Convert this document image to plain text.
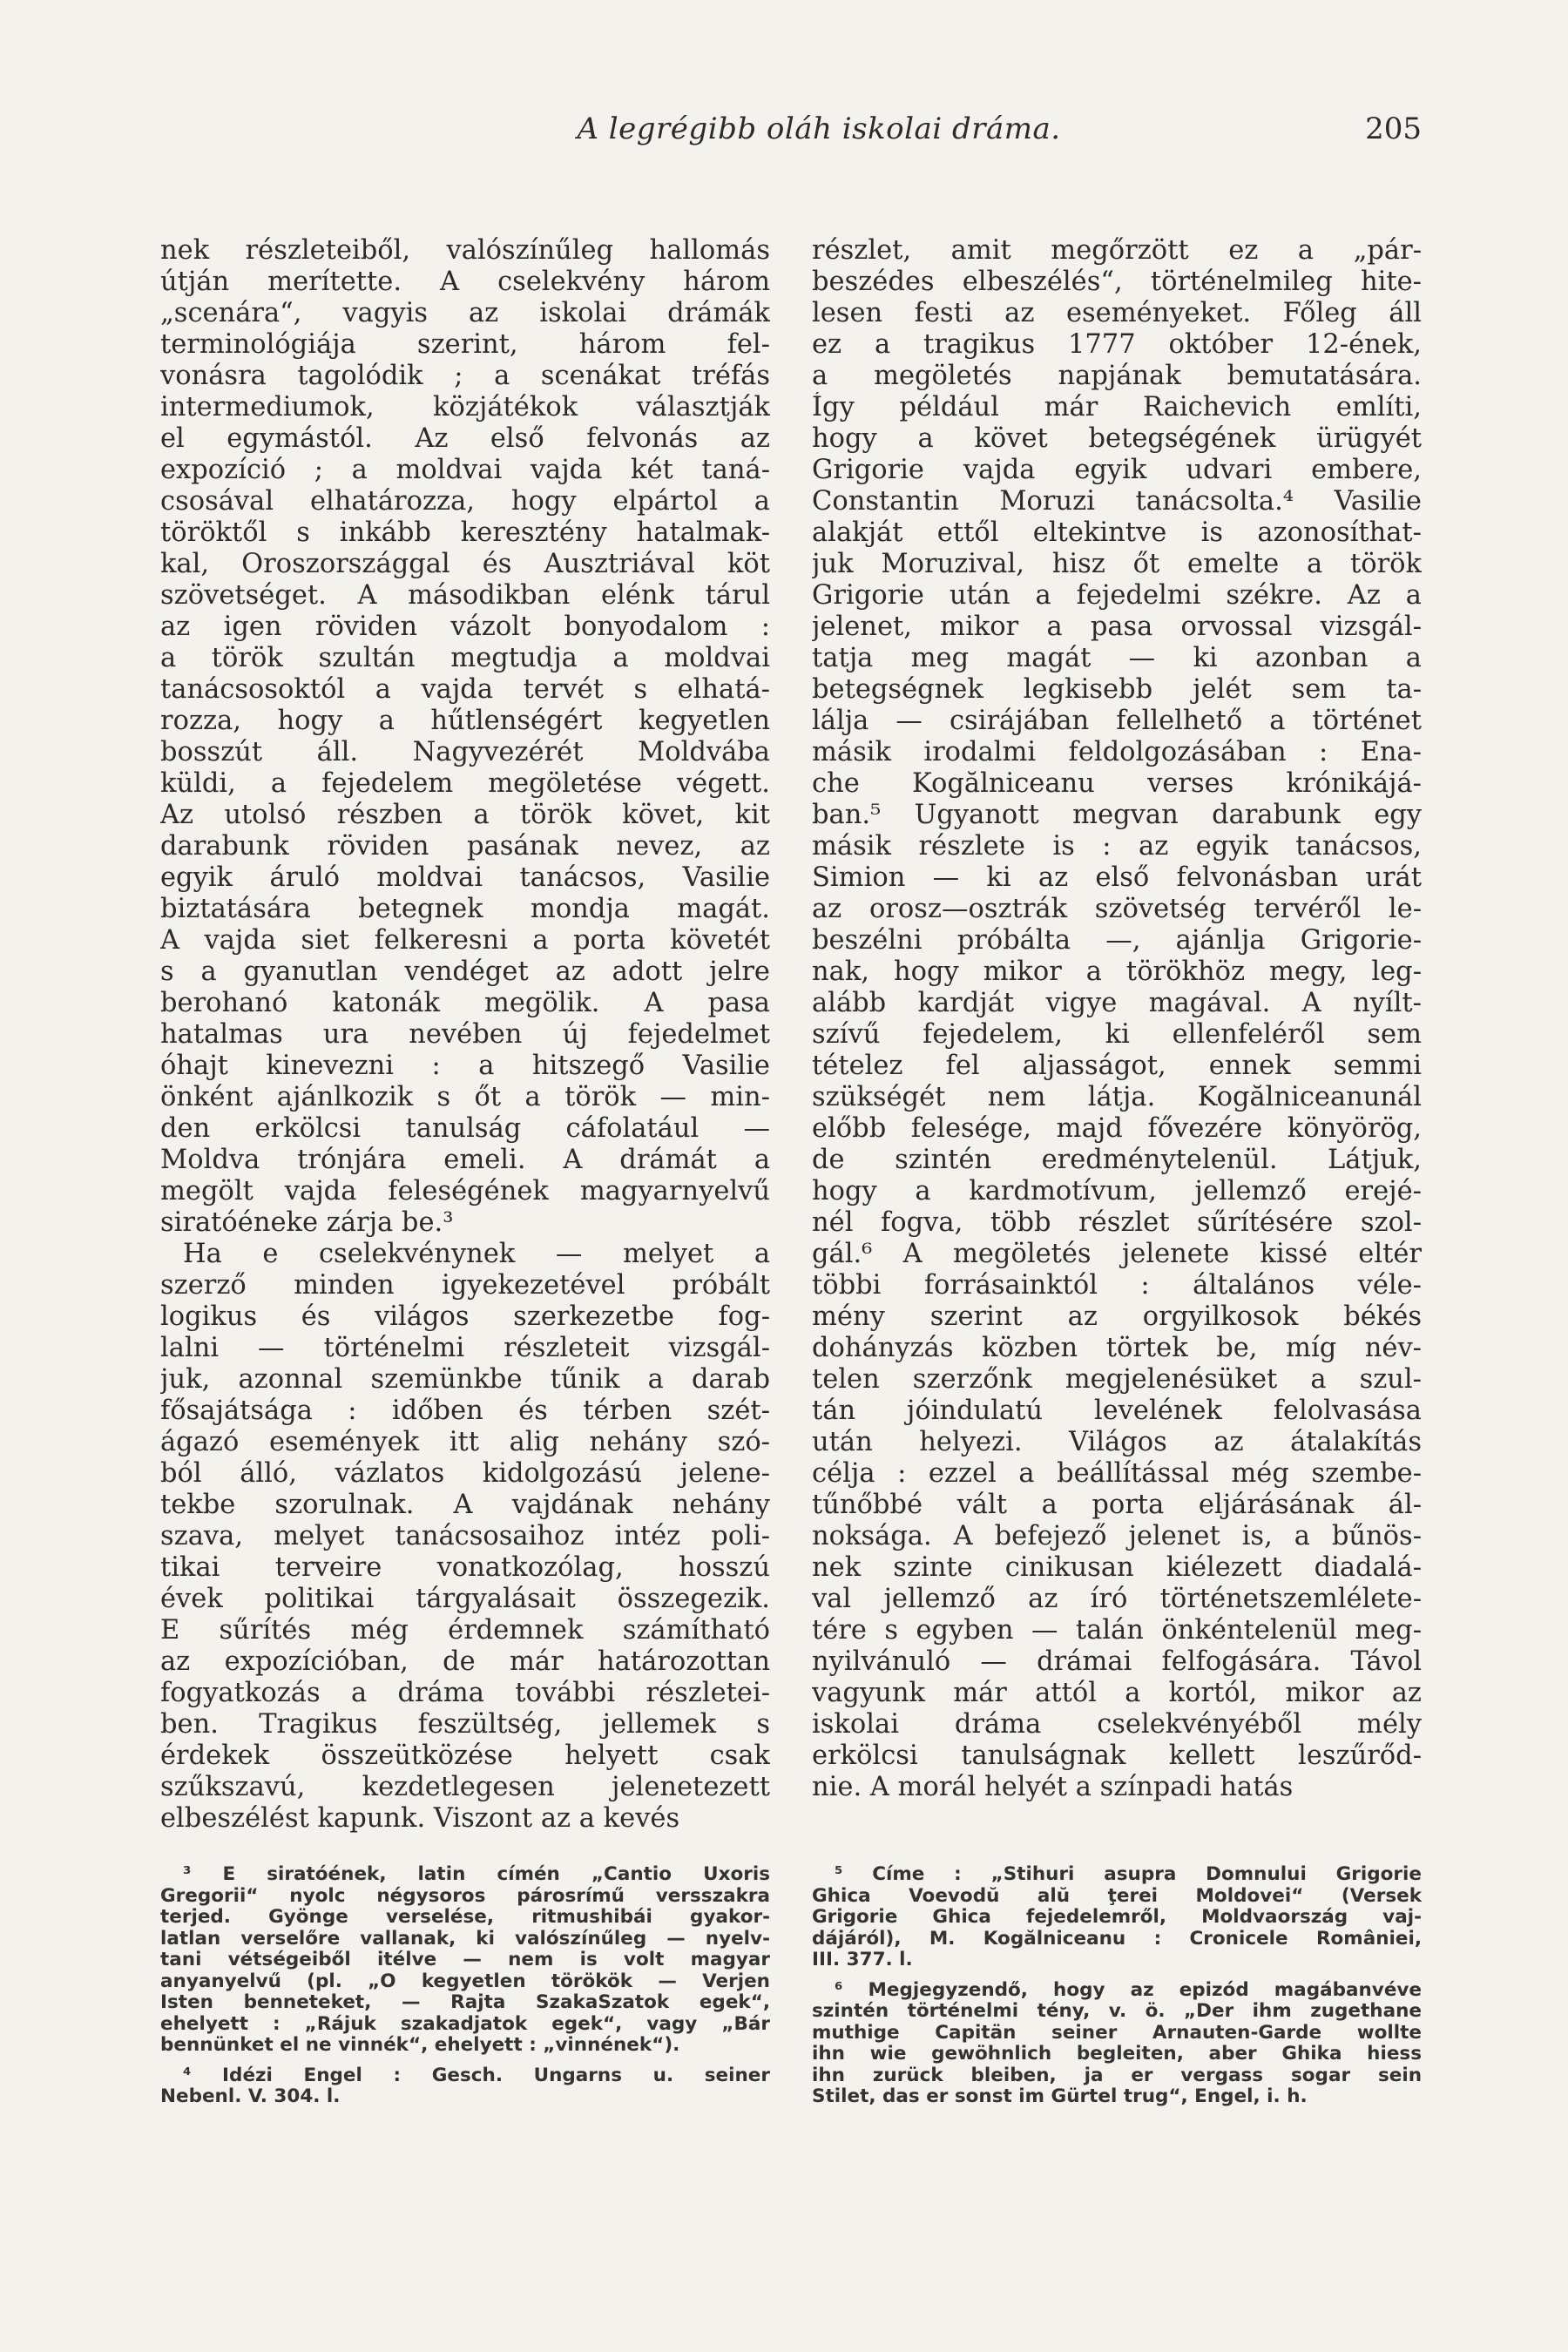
A legrégibb oláh iskolai dráma.	205
nek részleteiből, valószínűleg hallomás
útján merítette. A cselekvény három
„scenára“, vagyis az iskolai drámák
terminológiája szerint, három fel-
vonásra tagolódik ; a scenákat tréfás
intermediumok, közjátékok választják
el egymástól. Az első felvonás az
expozíció ; a moldvai vajda két taná-
csosával elhatározza, hogy elpártol a
töröktől s inkább keresztény hatalmak-
kal, Oroszországgal és Ausztriával köt
szövetséget. A másodikban elénk tárul
az igen röviden vázolt bonyodalom :
a török szultán megtudja a moldvai
tanácsosoktól a vajda tervét s elhatá-
rozza, hogy a hűtlenségért kegyetlen
bosszút áll. Nagyvezérét Moldvába
küldi, a fejedelem megöletése végett.
Az utolsó részben a török követ, kit
darabunk röviden pasának nevez, az
egyik áruló moldvai tanácsos, Vasilie
biztatására betegnek mondja magát.
A vajda siet felkeresni a porta követét
s a gyanutlan vendéget az adott jelre
berohanó katonák megölik. A pasa
hatalmas ura nevében új fejedelmet
óhajt kinevezni : a hitszegő Vasilie
önként ajánlkozik s őt a török — min-
den erkölcsi tanulság cáfolatául —
Moldva trónjára emeli. A drámát a
megölt vajda feleségének magyarnyelvű
siratóéneke zárja be.³
Ha e cselekvénynek — melyet a
szerző minden igyekezetével próbált
logikus és világos szerkezetbe fog-
lalni — történelmi részleteit vizsgál-
juk, azonnal szemünkbe tűnik a darab
fősajátsága : időben és térben szét-
ágazó események itt alig nehány szó-
ból álló, vázlatos kidolgozású jelene-
tekbe szorulnak. A vajdának nehány
szava, melyet tanácsosaihoz intéz poli-
tikai terveire vonatkozólag, hosszú
évek politikai tárgyalásait összegezik.
E sűrítés még érdemnek számítható
az expozícióban, de már határozottan
fogyatkozás a dráma további részletei-
ben. Tragikus feszültség, jellemek s
érdekek összeütközése helyett csak
szűkszavú, kezdetlegesen jelenetezett
elbeszélést kapunk. Viszont az a kevés
részlet, amit megőrzött ez a „pár-
beszédes elbeszélés“, történelmileg hite-
lesen festi az eseményeket. Főleg áll
ez a tragikus 1777 október 12-ének,
a megöletés napjának bemutatására.
Így például már Raichevich említi,
hogy a követ betegségének ürügyét
Grigorie vajda egyik udvari embere,
Constantin Moruzi tanácsolta.⁴ Vasilie
alakját ettől eltekintve is azonosíthat-
juk Moruzival, hisz őt emelte a török
Grigorie után a fejedelmi székre. Az a
jelenet, mikor a pasa orvossal vizsgál-
tatja meg magát — ki azonban a
betegségnek legkisebb jelét sem ta-
lálja — csirájában fellelhető a történet
másik irodalmi feldolgozásában : Ena-
che Kogălniceanu verses krónikájá-
ban.⁵ Ugyanott megvan darabunk egy
másik részlete is : az egyik tanácsos,
Simion — ki az első felvonásban urát
az orosz—osztrák szövetség tervéről le-
beszélni próbálta —, ajánlja Grigorie-
nak, hogy mikor a törökhöz megy, leg-
alább kardját vigye magával. A nyílt-
szívű fejedelem, ki ellenfeléről sem
tételez fel aljasságot, ennek semmi
szükségét nem látja. Kogălniceanunál
előbb felesége, majd fővezére könyörög,
de szintén eredménytelenül. Látjuk,
hogy a kardmotívum, jellemző erejé-
nél fogva, több részlet sűrítésére szol-
gál.⁶ A megöletés jelenete kissé eltér
többi forrásainktól : általános véle-
mény szerint az orgyilkosok békés
dohányzás közben törtek be, míg név-
telen szerzőnk megjelenésüket a szul-
tán jóindulatú levelének felolvasása
után helyezi. Világos az átalakítás
célja : ezzel a beállítással még szembe-
tűnőbbé vált a porta eljárásának ál-
noksága. A befejező jelenet is, a bűnös-
nek szinte cinikusan kiélezett diadalá-
val jellemző az író történetszemlélete-
tére s egyben — talán önkéntelenül meg-
nyilvánuló — drámai felfogására. Távol
vagyunk már attól a kortól, mikor az
iskolai dráma cselekvényéből mély
erkölcsi tanulságnak kellett leszűrőd-
nie. A morál helyét a színpadi hatás
³ E siratóének, latin címén „Cantio Uxoris
Gregorii“ nyolc négysoros párosrímű versszakra
terjed. Gyönge verselése, ritmushibái gyakor-
latlan verselőre vallanak, ki valószínűleg — nyelv-
tani vétségeiből itélve — nem is volt magyar
anyanyelvű (pl. „O kegyetlen törökök — Verjen
Isten benneteket, — Rajta SzakaSzatok egek“,
ehelyett : „Rájuk szakadjatok egek“, vagy „Bár
bennünket el ne vinnék“, ehelyett : „vinnének“).
⁴ Idézi Engel : Gesch. Ungarns u. seiner
Nebenl. V. 304. l.
⁵ Címe : „Stihuri asupra Domnului Grigorie
Ghica Voevodŭ alŭ ţerei Moldovei“ (Versek
Grigorie Ghica fejedelemről, Moldvaország vaj-
dájáról), M. Kogălniceanu : Cronicele României,
III. 377. l.
⁶ Megjegyzendő, hogy az epizód magábanvéve
szintén történelmi tény, v. ö. „Der ihm zugethane
muthige Capitän seiner Arnauten-Garde wollte
ihn wie gewöhnlich begleiten, aber Ghika hiess
ihn zurück bleiben, ja er vergass sogar sein
Stilet, das er sonst im Gürtel trug“, Engel, i. h.
